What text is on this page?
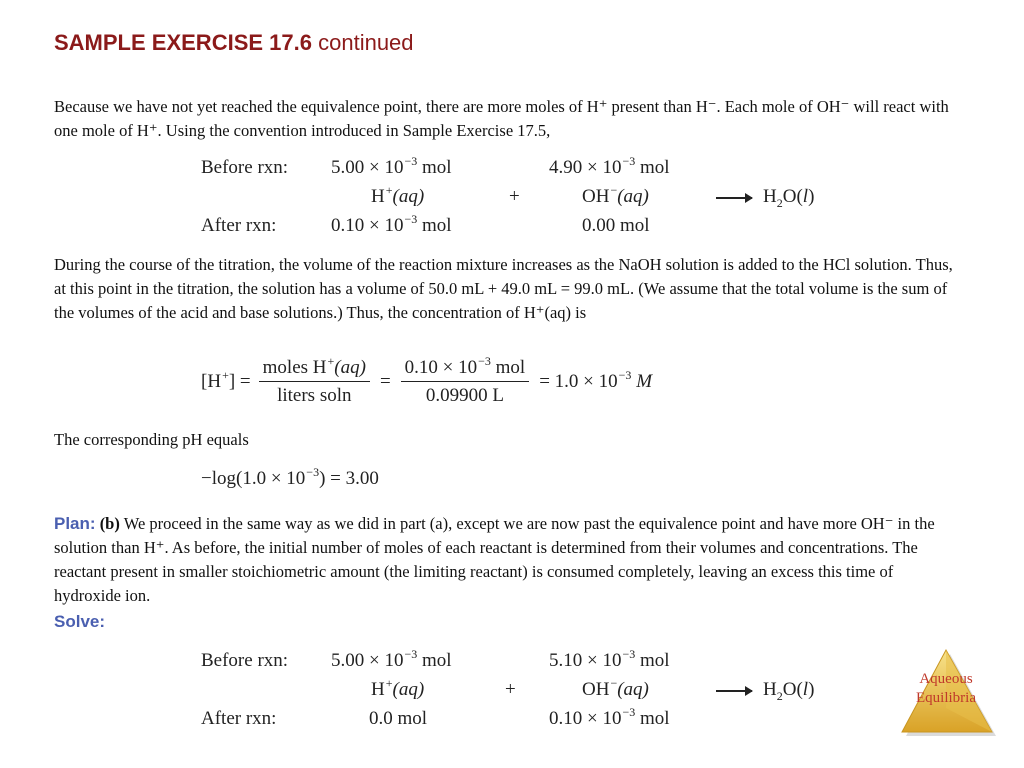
SAMPLE EXERCISE 17.6 continued
Because we have not yet reached the equivalence point, there are more moles of H⁺ present than H⁻. Each mole of OH⁻ will react with one mole of H⁺. Using the convention introduced in Sample Exercise 17.5,
Before rxn: $5.00 \times 10^{-3}$ mol	$4.90 \times 10^{-3}$ mol
H+(aq)	+	OH−(aq)	→ $H_2O(l)$
After rxn:	$0.10 \times 10^{-3}$ mol	0.00 mol
During the course of the titration, the volume of the reaction mixture increases as the NaOH solution is added to the HCl solution. Thus, at this point in the titration, the solution has a volume of 50.0 mL + 49.0 mL = 99.0 mL. (We assume that the total volume is the sum of the volumes of the acid and base solutions.) Thus, the concentration of H⁺(aq) is
$[H^+] = \frac{moles H^+(aq)}{\text{liters soln}} = \frac{0.10 \times 10^{-3} mol}{0.09900 L} = 1.0 \times 10^{-3}$ M
The corresponding pH equals
$-\log(1.0 \times 10^{-3}) = 3.00$
Plan: (b) We proceed in the same way as we did in part (a), except we are now past the equivalence point and have more OH⁻ in the solution than H⁺. As before, the initial number of moles of each reactant is determined from their volumes and concentrations. The reactant present in smaller stoichiometric amount (the limiting reactant) is consumed completely, leaving an excess this time of hydroxide ion.
Solve:
Before rxn: $5.00 \times 10^{-3}$ mol	$5.10 \times 10^{-3}$ mol
H+(aq)	+	OH−(aq)	→ $H_2O(l)$
After rxn:	0.0 mol	$0.10 \times 10^{-3}$ mol
Aqueous
Equilibria
